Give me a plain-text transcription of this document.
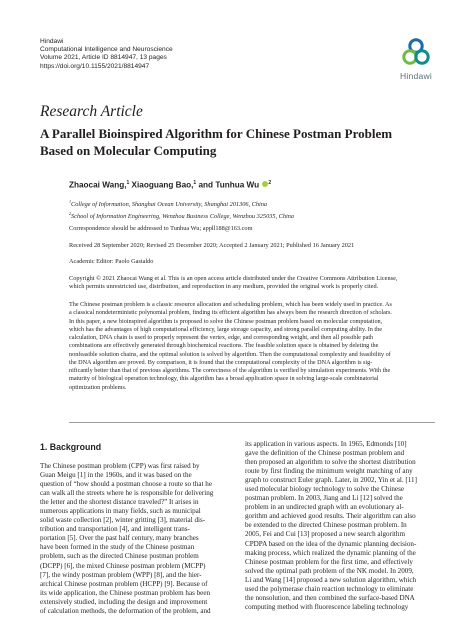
Hindawi
Computational Intelligence and Neuroscience
Volume 2021, Article ID 8814947, 13 pages
https://doi.org/10.1155/2021/8814947
Hindawi
Research Article
A Parallel Bioinspired Algorithm for Chinese Postman Problem
Based on Molecular Computing
Zhaocai Wang,$^1$ Xiaoguang Bao,$^1$ and Tunhua Wu $^2$
$^1$College of Information, Shanghai Ocean University, Shanghai 201306, China
$^2$School of Information Engineering, Wenzhou Business College, Wenzhou 325035, China
Correspondence should be addressed to Tunhua Wu; appll188@163.com
Received 28 September 2020; Revised 25 December 2020; Accepted 2 January 2021; Published 16 January 2021
Academic Editor: Paolo Gastaldo
Copyright © 2021 Zhaocai Wang et al. This is an open access article distributed under the Creative Commons Attribution License,
which permits unrestricted use, distribution, and reproduction in any medium, provided the original work is properly cited.
The Chinese postman problem is a classic resource allocation and scheduling problem, which has been widely used in practice. As
a classical nondeterministic polynomial problem, finding its efficient algorithm has always been the research direction of scholars.
In this paper, a new bioinspired algorithm is proposed to solve the Chinese postman problem based on molecular computation,
which has the advantages of high computational efficiency, large storage capacity, and strong parallel computing ability. In the
calculation, DNA chain is used to properly represent the vertex, edge, and corresponding weight, and then all possible path
combinations are effectively generated through biochemical reactions. The feasible solution space is obtained by deleting the
nonfeasible solution chains, and the optimal solution is solved by algorithm. Then the computational complexity and feasibility of
the DNA algorithm are proved. By comparison, it is found that the computational complexity of the DNA algorithm is sig-
nificantly better than that of previous algorithms. The correctness of the algorithm is verified by simulation experiments. With the
maturity of biological operation technology, this algorithm has a broad application space in solving large-scale combinatorial
optimization problems.
1. Background
The Chinese postman problem (CPP) was first raised by
Guan Meigu [1] in the 1960s, and it was based on the
question of “how should a postman choose a route so that he
can walk all the streets where he is responsible for delivering
the letter and the shortest distance traveled?” It arises in
numerous applications in many fields, such as municipal
solid waste collection [2], winter gritting [3], material dis-
tribution and transportation [4], and intelligent trans-
portation [5]. Over the past half century, many branches
have been formed in the study of the Chinese postman
problem, such as the directed Chinese postman problem
(DCPP) [6], the mixed Chinese postman problem (MCPP)
[7], the windy postman problem (WPP) [8], and the hier-
archical Chinese postman problem (HCPP) [9]. Because of
its wide application, the Chinese postman problem has been
extensively studied, including the design and improvement
of calculation methods, the deformation of the problem, and
its application in various aspects. In 1965, Edmonds [10]
gave the definition of the Chinese postman problem and
then proposed an algorithm to solve the shortest distribution
route by first finding the minimum weight matching of any
graph to construct Euler graph. Later, in 2002, Yin et al. [11]
used molecular biology technology to solve the Chinese
postman problem. In 2003, Jiang and Li [12] solved the
problem in an undirected graph with an evolutionary al-
gorithm and achieved good results. Their algorithm can also
be extended to the directed Chinese postman problem. In
2005, Fei and Cui [13] proposed a new search algorithm
CPDPA based on the idea of the dynamic planning decision-
making process, which realized the dynamic planning of the
Chinese postman problem for the first time, and effectively
solved the optimal path problem of the NK model. In 2009,
Li and Wang [14] proposed a new solution algorithm, which
used the polymerase chain reaction technology to eliminate
the nonsolution, and then combined the surface-based DNA
computing method with fluorescence labeling technology
